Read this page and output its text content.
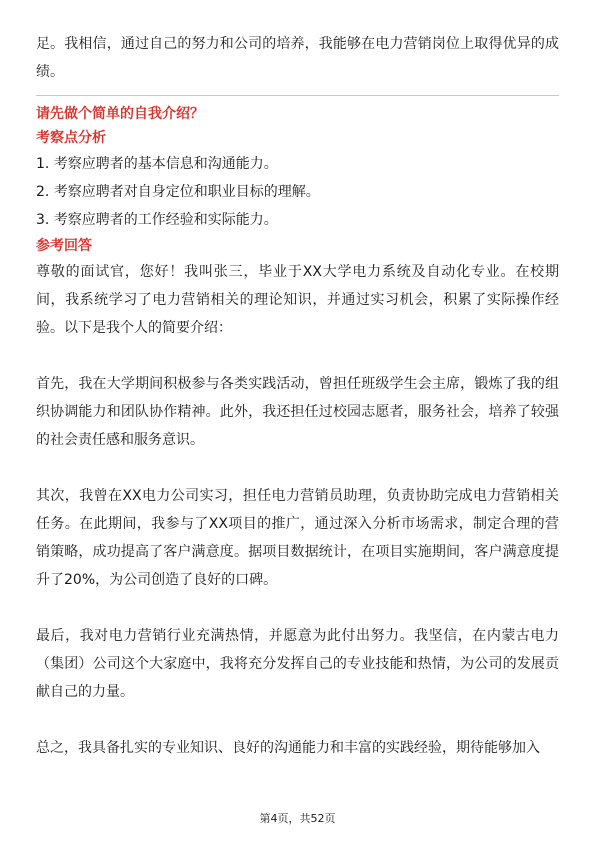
足。我相信，通过自己的努力和公司的培养，我能够在电力营销岗位上取得优异的成绩。

请先做个简单的自我介绍？

考察点分析

1. 考察应聘者的基本信息和沟通能力。
2. 考察应聘者对自身定位和职业目标的理解。
3. 考察应聘者的工作经验和实际能力。

参考回答

尊敬的面试官，您好！我叫张三，毕业于XX大学电力系统及自动化专业。在校期间，我系统学习了电力营销相关的理论知识，并通过实习机会，积累了实际操作经验。以下是我个人的简要介绍：

首先，我在大学期间积极参与各类实践活动，曾担任班级学生会主席，锻炼了我的组织协调能力和团队协作精神。此外，我还担任过校园志愿者，服务社会，培养了较强的社会责任感和服务意识。

其次，我曾在XX电力公司实习，担任电力营销员助理，负责协助完成电力营销相关任务。在此期间，我参与了XX项目的推广，通过深入分析市场需求，制定合理的营销策略，成功提高了客户满意度。据项目数据统计，在项目实施期间，客户满意度提升了20%，为公司创造了良好的口碑。

最后，我对电力营销行业充满热情，并愿意为此付出努力。我坚信，在内蒙古电力（集团）公司这个大家庭中，我将充分发挥自己的专业技能和热情，为公司的发展贡献自己的力量。

总之，我具备扎实的专业知识、良好的沟通能力和丰富的实践经验，期待能够加入

第4页，共52页
